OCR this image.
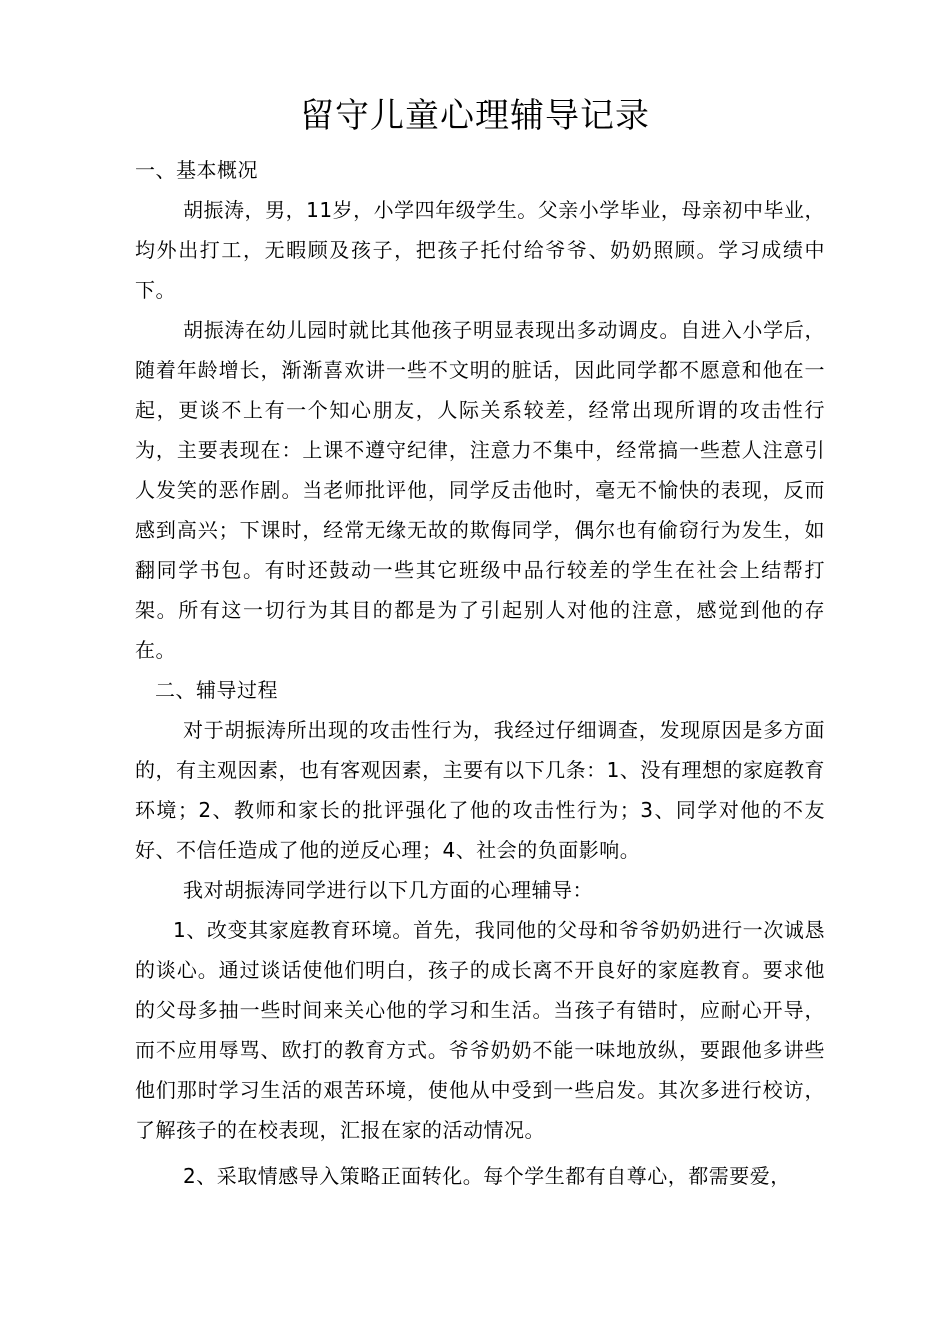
留守儿童心理辅导记录

一、基本概况

胡振涛，男，11岁，小学四年级学生。父亲小学毕业，母亲初中毕业，均外出打工，无暇顾及孩子，把孩子托付给爷爷、奶奶照顾。学习成绩中下。

胡振涛在幼儿园时就比其他孩子明显表现出多动调皮。自进入小学后，随着年龄增长，渐渐喜欢讲一些不文明的脏话，因此同学都不愿意和他在一起，更谈不上有一个知心朋友，人际关系较差，经常出现所谓的攻击性行为，主要表现在：上课不遵守纪律，注意力不集中，经常搞一些惹人注意引人发笑的恶作剧。当老师批评他，同学反击他时，毫无不愉快的表现，反而感到高兴；下课时，经常无缘无故的欺侮同学，偶尔也有偷窃行为发生，如翻同学书包。有时还鼓动一些其它班级中品行较差的学生在社会上结帮打架。所有这一切行为其目的都是为了引起别人对他的注意，感觉到他的存在。

二、辅导过程

对于胡振涛所出现的攻击性行为，我经过仔细调查，发现原因是多方面的，有主观因素，也有客观因素，主要有以下几条：1、没有理想的家庭教育环境；2、教师和家长的批评强化了他的攻击性行为；3、同学对他的不友好、不信任造成了他的逆反心理；4、社会的负面影响。

我对胡振涛同学进行以下几方面的心理辅导：

1、改变其家庭教育环境。首先，我同他的父母和爷爷奶奶进行一次诚恳的谈心。通过谈话使他们明白，孩子的成长离不开良好的家庭教育。要求他的父母多抽一些时间来关心他的学习和生活。当孩子有错时，应耐心开导，而不应用辱骂、欧打的教育方式。爷爷奶奶不能一味地放纵，要跟他多讲些他们那时学习生活的艰苦环境，使他从中受到一些启发。其次多进行校访，了解孩子的在校表现，汇报在家的活动情况。

2、采取情感导入策略正面转化。每个学生都有自尊心，都需要爱，
